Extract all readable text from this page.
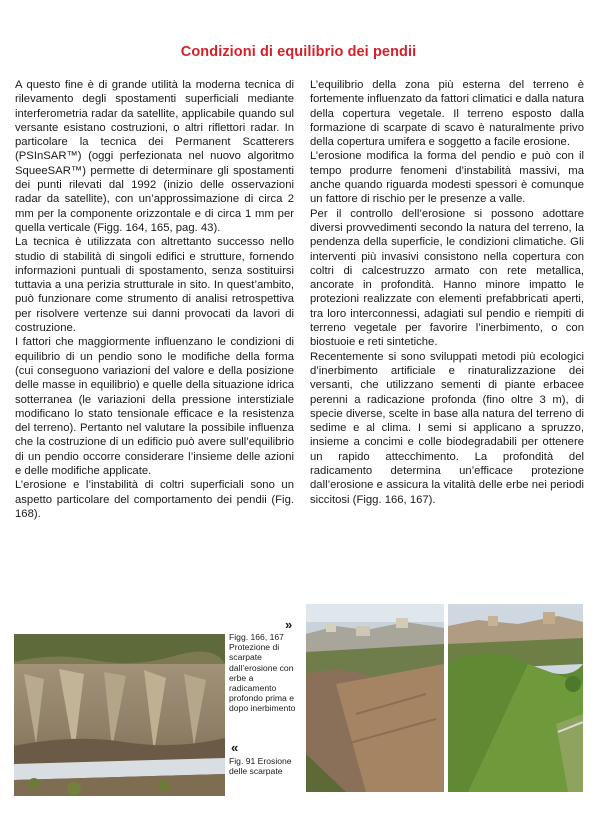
Condizioni di equilibrio dei pendii

A questo fine è di grande utilità la moderna tecnica di rilevamento degli spostamenti superficiali mediante interferometria radar da satellite, applicabile quando sul versante esistano costruzioni, o altri riflettori radar. In particolare la tecnica dei Permanent Scatterers (PSInSAR™) (oggi perfezionata nel nuovo algoritmo SqueeSAR™) permette di determinare gli spostamenti dei punti rilevati dal 1992 (inizio delle osservazioni radar da satellite), con un’approssimazione di circa 2 mm per la componente orizzontale e di circa 1 mm per quella verticale (Figg. 164, 165, pag. 43).

La tecnica è utilizzata con altrettanto successo nello studio di stabilità di singoli edifici e strutture, fornendo informazioni puntuali di spostamento, senza sostituirsi tuttavia a una perizia strutturale in sito. In quest’ambito, può funzionare come strumento di analisi retrospettiva per risolvere vertenze sui danni provocati da lavori di costruzione.

I fattori che maggiormente influenzano le condizioni di equilibrio di un pendio sono le modifiche della forma (cui conseguono variazioni del valore e della posizione delle masse in equilibrio) e quelle della situazione idrica sotterranea (le variazioni della pressione interstiziale modificano lo stato tensionale efficace e la resistenza del terreno). Pertanto nel valutare la possibile influenza che la costruzione di un edificio può avere sull’equilibrio di un pendio occorre considerare l’insieme delle azioni e delle modifiche applicate.

L’erosione e l’instabilità di coltri superficiali sono un aspetto particolare del comportamento dei pendii (Fig. 168).

L’equilibrio della zona più esterna del terreno è fortemente influenzato da fattori climatici e dalla natura della copertura vegetale. Il terreno esposto dalla formazione di scarpate di scavo è naturalmente privo della copertura umifera e soggetto a facile erosione.

L’erosione modifica la forma del pendio e può con il tempo produrre fenomeni d’instabilità massivi, ma anche quando riguarda modesti spessori è comunque un fattore di rischio per le presenze a valle.

Per il controllo dell’erosione si possono adottare diversi provvedimenti secondo la natura del terreno, la pendenza della superficie, le condizioni climatiche. Gli interventi più invasivi consistono nella copertura con coltri di calcestruzzo armato con rete metallica, ancorate in profondità. Hanno minore impatto le protezioni realizzate con elementi prefabbricati aperti, tra loro interconnessi, adagiati sul pendio e riempiti di terreno vegetale per favorire l’inerbimento, o con biostuoie e reti sintetiche.

Recentemente si sono sviluppati metodi più ecologici d’inerbimento artificiale e rinaturalizzazione dei versanti, che utilizzano sementi di piante erbacee perenni a radicazione profonda (fino oltre 3 m), di specie diverse, scelte in base alla natura del terreno di sedime e al clima. I semi si applicano a spruzzo, insieme a concimi e colle biodegradabili per ottenere un rapido attecchimento. La profondità del radicamento determina un’efficace protezione dall’erosione e assicura la vitalità delle erbe nei periodi siccitosi (Figg. 166, 167).

»
Figg. 166, 167 Protezione di scarpate dall’erosione con erbe a radicamento profondo prima e dopo inerbimento
«
Fig. 91 Erosione delle scarpate
